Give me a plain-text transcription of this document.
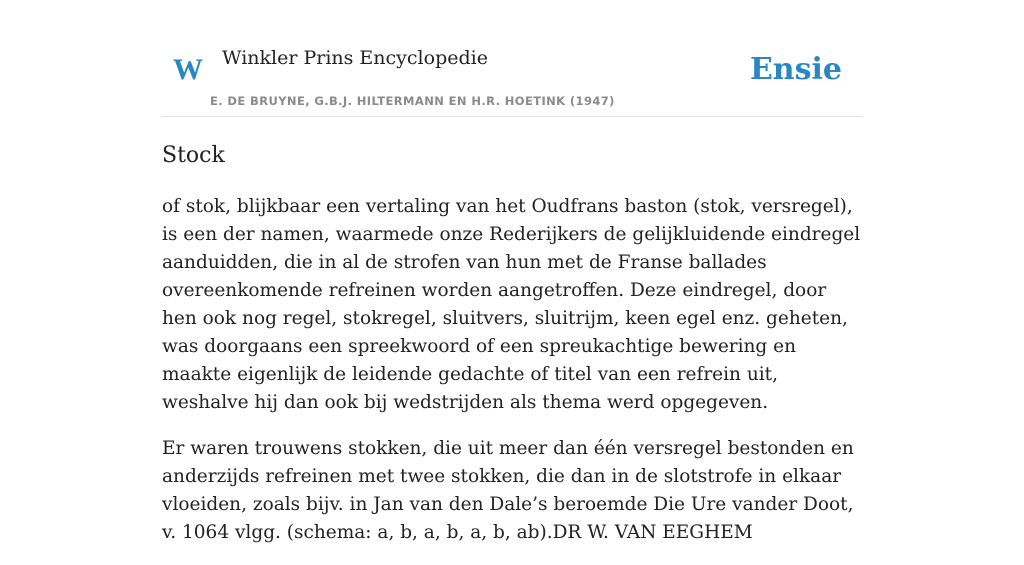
W Winkler Prins Encyclopedie
E. DE BRUYNE, G.B.J. HILTERMANN EN H.R. HOETINK (1947)
Ensie
Stock

of stok, blijkbaar een vertaling van het Oudfrans baston (stok, versregel), is een der namen, waarmede onze Rederijkers de gelijkluidende eindregel aanduidden, die in al de strofen van hun met de Franse ballades overeenkomende refreinen worden aangetroffen. Deze eindregel, door hen ook nog regel, stokregel, sluitvers, sluitrijm, keen egel enz. geheten, was doorgaans een spreekwoord of een spreukachtige bewering en maakte eigenlijk de leidende gedachte of titel van een refrein uit, weshalve hij dan ook bij wedstrijden als thema werd opgegeven.

Er waren trouwens stokken, die uit meer dan één versregel bestonden en anderzijds refreinen met twee stokken, die dan in de slotstrofe in elkaar vloeiden, zoals bijv. in Jan van den Dale’s beroemde Die Ure vander Doot, v. 1064 vlgg. (schema: a, b, a, b, a, b, ab).DR W. VAN EEGHEM
